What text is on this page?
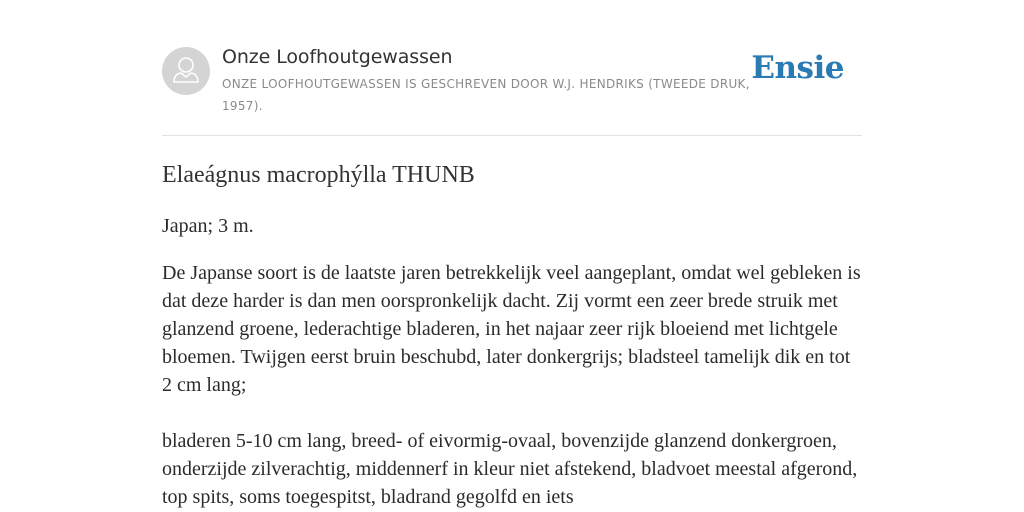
Onze Loofhoutgewassen
ONZE LOOFHOUTGEWASSEN IS GESCHREVEN DOOR W.J. HENDRIKS (TWEEDE DRUK, 1957).
Ensie
Elaeágnus macrophýlla THUNB

Japan; 3 m.

De Japanse soort is de laatste jaren betrekkelijk veel aangeplant, omdat wel gebleken is dat deze harder is dan men oorspronkelijk dacht. Zij vormt een zeer brede struik met glanzend groene, lederachtige bladeren, in het najaar zeer rijk bloeiend met lichtgele bloemen. Twijgen eerst bruin beschubd, later donkergrijs; bladsteel tamelijk dik en tot 2 cm lang;

bladeren 5-10 cm lang, breed- of eivormig-ovaal, bovenzijde glanzend donkergroen, onderzijde zilverachtig, middennerf in kleur niet afstekend, bladvoet meestal afgerond, top spits, soms toegespitst, bladrand gegolfd en iets
